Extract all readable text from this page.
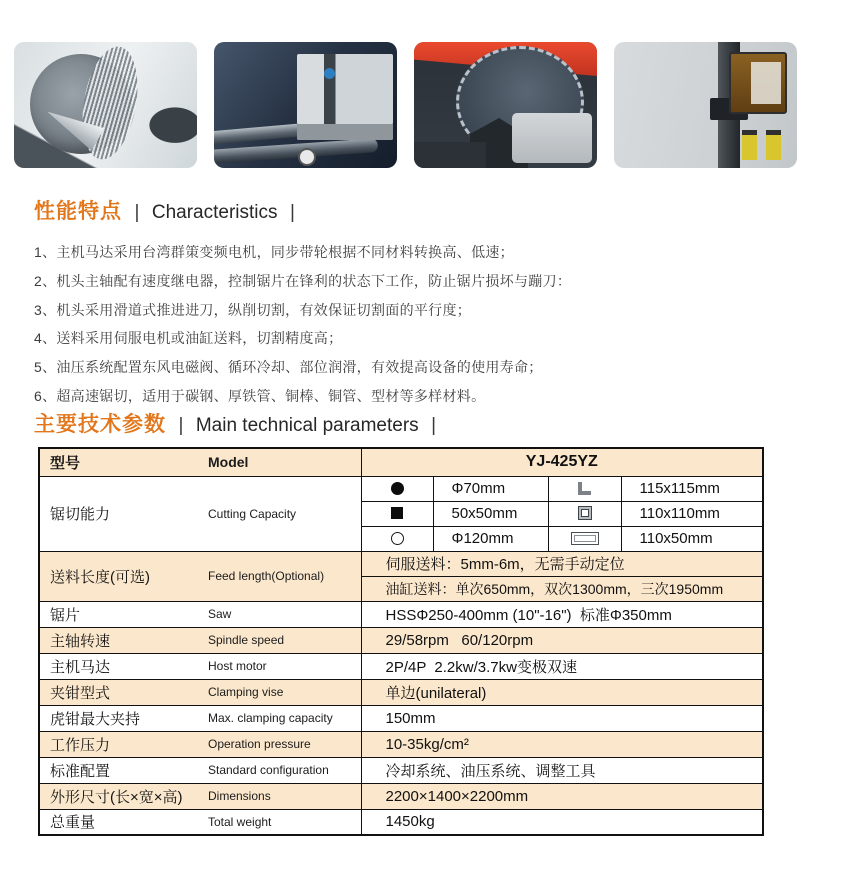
性能特点 | Characteristics |
1、主机马达采用台湾群策变频电机，同步带轮根据不同材料转换高、低速；
2、机头主轴配有速度继电器，控制锯片在锋利的状态下工作，防止锯片损坏与蹦刀：
3、机头采用滑道式推进进刀，纵削切割，有效保证切割面的平行度；
4、送料采用伺服电机或油缸送料，切割精度高；
5、油压系统配置东风电磁阀、循环冷却、部位润滑，有效提高设备的使用寿命；
6、超高速锯切，适用于碳钢、厚铁管、铜棒、铜管、型材等多样材料。
主要技术参数 | Main technical parameters |
型号 Model	YJ-425YZ			

锯切能力 Cutting Capacity		Φ70mm		115x115mm
		50x50mm		110x110mm
		Φ120mm		110x50mm

送料长度(可选) Feed length(Optional)	伺服送料：5mm-6m，无需手动定位			
	油缸送料：单次650mm，双次1300mm，三次1950mm			

锯片 Saw	HSSΦ250-400mm (10"-16")  标准Φ350mm			

主轴转速 Spindle speed	29/58rpm   60/120rpm			

主机马达 Host motor	2P/4P  2.2kw/3.7kw变极双速			

夹钳型式 Clamping vise	单边(unilateral)			

虎钳最大夹持 Max. clamping capacity	150mm			

工作压力 Operation pressure	10-35kg/cm²			

标准配置 Standard configuration	冷却系统、油压系统、调整工具			

外形尺寸(长×宽×高) Dimensions	2200×1400×2200mm			

总重量 Total weight	1450kg			
